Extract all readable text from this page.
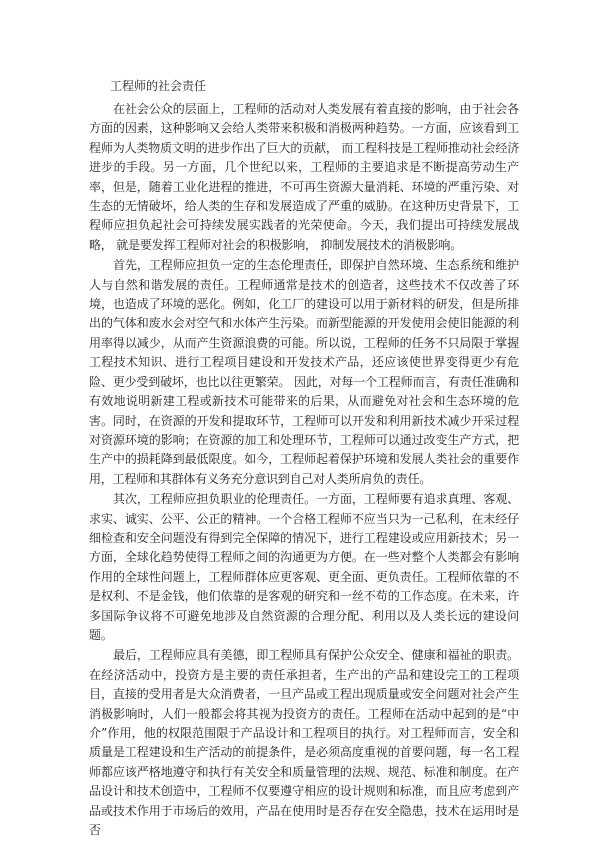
工程师的社会责任

在社会公众的层面上，工程师的活动对人类发展有着直接的影响，由于社会各方面的因素，这种影响又会给人类带来积极和消极两种趋势。一方面，应该看到工程师为人类物质文明的进步作出了巨大的贡献， 而工程科技是工程师推动社会经济进步的手段。另一方面，几个世纪以来，工程师的主要追求是不断提高劳动生产率，但是，随着工业化进程的推进，不可再生资源大量消耗、环境的严重污染、对生态的无情破坏，给人类的生存和发展造成了严重的威胁。在这种历史背景下，工程师应担负起社会可持续发展实践者的光荣使命。今天，我们提出可持续发展战略， 就是要发挥工程师对社会的积极影响， 抑制发展技术的消极影响。

首先，工程师应担负一定的生态伦理责任，即保护自然环境、生态系统和维护人与自然和谐发展的责任。工程师通常是技术的创造者，这些技术不仅改善了环境，也造成了环境的恶化。例如，化工厂的建设可以用于新材料的研发，但是所排出的气体和废水会对空气和水体产生污染。而新型能源的开发使用会使旧能源的利用率得以减少，从而产生资源浪费的可能。所以说，工程师的任务不只局限于掌握工程技术知识、进行工程项目建设和开发技术产品，还应该使世界变得更少有危险、更少受到破坏，也比以往更繁荣。 因此，对每一个工程师而言，有责任准确和有效地说明新建工程或新技术可能带来的后果，从而避免对社会和生态环境的危害。同时，在资源的开发和提取环节，工程师可以开发和利用新技术减少开采过程对资源环境的影响；在资源的加工和处理环节，工程师可以通过改变生产方式，把生产中的损耗降到最低限度。如今，工程师起着保护环境和发展人类社会的重要作用，工程师和其群体有义务充分意识到自己对人类所肩负的责任。

其次，工程师应担负职业的伦理责任。一方面，工程师要有追求真理、客观、求实、诚实、公平、公正的精神。一个合格工程师不应当只为一己私利，在未经仔细检查和安全问题没有得到完全保障的情况下，进行工程建设或应用新技术；另一方面，全球化趋势使得工程师之间的沟通更为方便。在一些对整个人类都会有影响作用的全球性问题上，工程师群体应更客观、更全面、更负责任。工程师依靠的不是权利、不是金钱，他们依靠的是客观的研究和一丝不苟的工作态度。在未来，许多国际争议将不可避免地涉及自然资源的合理分配、利用以及人类长远的建设问题。

最后，工程师应具有美德，即工程师具有保护公众安全、健康和福祉的职责。在经济活动中，投资方是主要的责任承担者，生产出的产品和建设完工的工程项目，直接的受用者是大众消费者，一旦产品或工程出现质量或安全问题对社会产生消极影响时，人们一般都会将其视为投资方的责任。工程师在活动中起到的是“中介”作用，他的权限范围限于产品设计和工程项目的执行。对工程师而言，安全和质量是工程建设和生产活动的前提条件，是必须高度重视的首要问题，每一名工程师都应该严格地遵守和执行有关安全和质量管理的法规、规范、标准和制度。在产品设计和技术创造中，工程师不仅要遵守相应的设计规则和标准，而且应考虑到产品或技术作用于市场后的效用，产品在使用时是否存在安全隐患，技术在运用时是否
